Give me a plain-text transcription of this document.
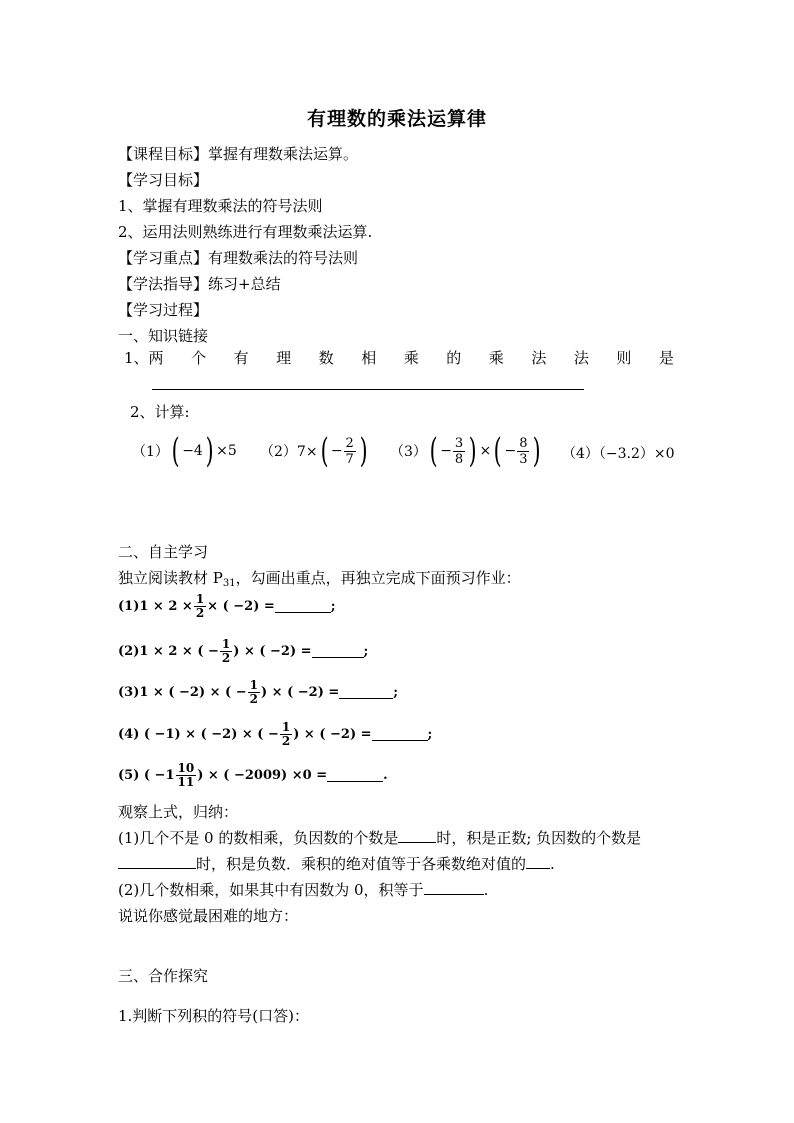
有理数的乘法运算律
【课程目标】掌握有理数乘法运算。
【学习目标】
1、掌握有理数乘法的符号法则
2、运用法则熟练进行有理数乘法运算.
【学习重点】有理数乘法的符号法则
【学法指导】练习+总结
【学习过程】
一、知识链接
1、两 个 有 理 数 相 乘 的 乘 法 法 则 是
2、计算:
（1） ( −4 ) ×5 （2）7× ( − $\frac{2}{7}$ ) （3） ( − $\frac{3}{8}$ ) × ( − $\frac{8}{3}$ ) （4）（−3.2）×0
二、自主学习
独立阅读教材 $P_{31}$，勾画出重点，再独立完成下面预习作业：
$(1)1 \times 2 \times \frac{1}{2}$ × ( −2) =	;
(2)1 × 2 × ( − $\frac{1}{2}$ ) × ( −2) =	;
(3)1 × ( −2) × ( − $\frac{1}{2}$ ) × ( −2) =	;
(4) ( −1) × ( −2) × ( − $\frac{1}{2}$ ) × ( −2) =	;
(5) ( $-1 \frac{10}{11}$ ) × ( −2009) ×0 =	.
观察上式，归纳：
(1)几个不是 0 的数相乘，负因数的个数是	时，积是正数; 负因数的个数是
时，积是负数．乘积的绝对值等于各乘数绝对值的 .
(2)几个数相乘，如果其中有因数为 0，积等于	.
说说你感觉最困难的地方：
三、合作探究
1.判断下列积的符号(口答)：
